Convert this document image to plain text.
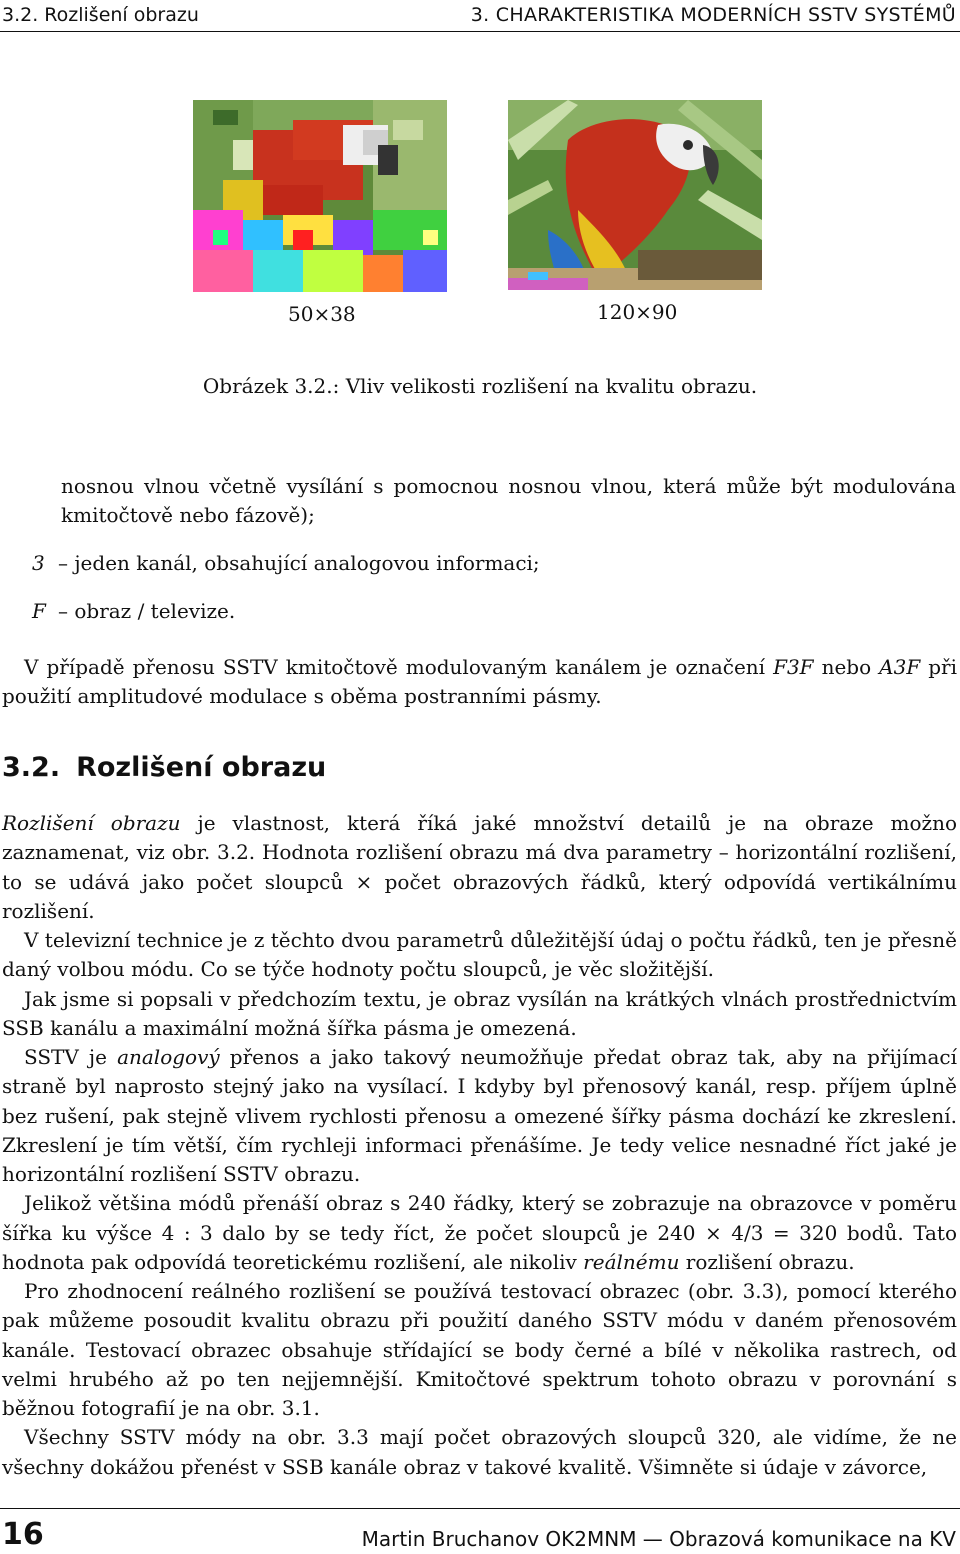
3.2. Rozlišení obrazu	3. CHARAKTERISTIKA MODERNÍCH SSTV SYSTÉMŮ
50×38	120×90
Obrázek 3.2.: Vliv velikosti rozlišení na kvalitu obrazu.

nosnou vlnou včetně vysílání s pomocnou nosnou vlnou, která může být modulována kmitočtově nebo fázově);

3 – jeden kanál, obsahující analogovou informaci;
F – obraz / televize.

V případě přenosu SSTV kmitočtově modulovaným kanálem je označení F3F nebo A3F při použití amplitudové modulace s oběma postranními pásmy.

3.2. Rozlišení obrazu

Rozlišení obrazu je vlastnost, která říká jaké množství detailů je na obraze možno zaznamenat, viz obr. 3.2. Hodnota rozlišení obrazu má dva parametry – horizontální rozlišení, to se udává jako počet sloupců × počet obrazových řádků, který odpovídá vertikálnímu rozlišení.

V televizní technice je z těchto dvou parametrů důležitější údaj o počtu řádků, ten je přesně daný volbou módu. Co se týče hodnoty počtu sloupců, je věc složitější.

Jak jsme si popsali v předchozím textu, je obraz vysílán na krátkých vlnách prostřednictvím SSB kanálu a maximální možná šířka pásma je omezená.

SSTV je analogový přenos a jako takový neumožňuje předat obraz tak, aby na přijímací straně byl naprosto stejný jako na vysílací. I kdyby byl přenosový kanál, resp. příjem úplně bez rušení, pak stejně vlivem rychlosti přenosu a omezené šířky pásma dochází ke zkreslení. Zkreslení je tím větší, čím rychleji informaci přenášíme. Je tedy velice nesnadné říct jaké je horizontální rozlišení SSTV obrazu.

Jelikož většina módů přenáší obraz s 240 řádky, který se zobrazuje na obrazovce v poměru šířka ku výšce 4 : 3 dalo by se tedy říct, že počet sloupců je 240 × 4/3 = 320 bodů. Tato hodnota pak odpovídá teoretickému rozlišení, ale nikoliv reálnému rozlišení obrazu.

Pro zhodnocení reálného rozlišení se používá testovací obrazec (obr. 3.3), pomocí kterého pak můžeme posoudit kvalitu obrazu při použití daného SSTV módu v daném přenosovém kanále. Testovací obrazec obsahuje střídající se body černé a bílé v několika rastrech, od velmi hrubého až po ten nejjemnější. Kmitočtové spektrum tohoto obrazu v porovnání s běžnou fotografií je na obr. 3.1.

Všechny SSTV módy na obr. 3.3 mají počet obrazových sloupců 320, ale vidíme, že ne všechny dokážou přenést v SSB kanále obraz v takové kvalitě. Všimněte si údaje v závorce,

16	Martin Bruchanov OK2MNM — Obrazová komunikace na KV
